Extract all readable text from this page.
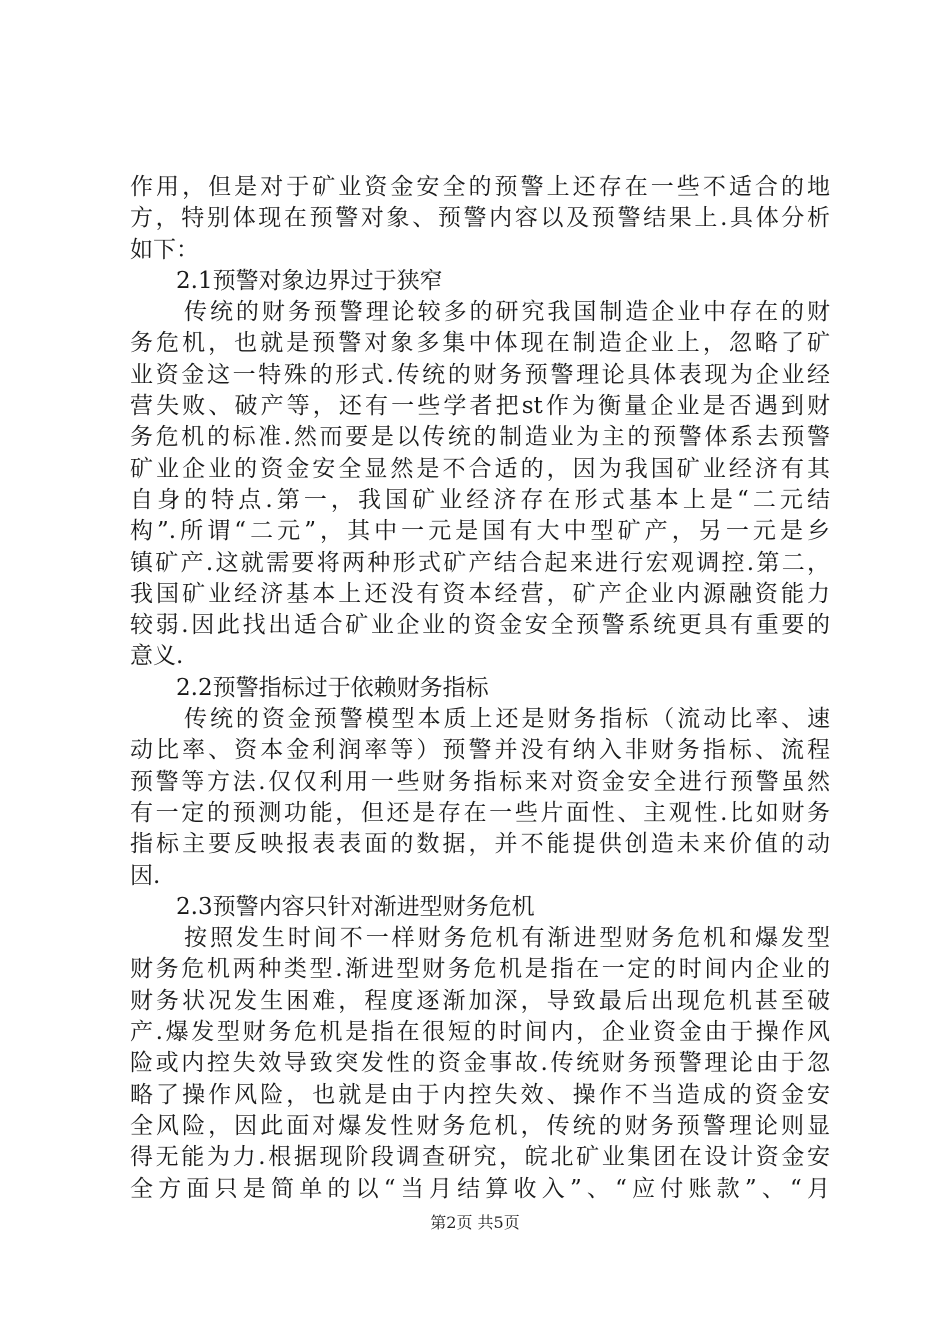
作用，但是对于矿业资金安全的预警上还存在一些不适合的地
方，特别体现在预警对象、预警内容以及预警结果上.具体分析
如下：
2.1预警对象边界过于狭窄
传统的财务预警理论较多的研究我国制造企业中存在的财
务危机，也就是预警对象多集中体现在制造企业上，忽略了矿
业资金这一特殊的形式.传统的财务预警理论具体表现为企业经
营失败、破产等，还有一些学者把st作为衡量企业是否遇到财
务危机的标准.然而要是以传统的制造业为主的预警体系去预警
矿业企业的资金安全显然是不合适的，因为我国矿业经济有其
自身的特点.第一，我国矿业经济存在形式基本上是“二元结
构”.所谓“二元”，其中一元是国有大中型矿产，另一元是乡
镇矿产.这就需要将两种形式矿产结合起来进行宏观调控.第二，
我国矿业经济基本上还没有资本经营，矿产企业内源融资能力
较弱.因此找出适合矿业企业的资金安全预警系统更具有重要的
意义.
2.2预警指标过于依赖财务指标
传统的资金预警模型本质上还是财务指标（流动比率、速
动比率、资本金利润率等）预警并没有纳入非财务指标、流程
预警等方法.仅仅利用一些财务指标来对资金安全进行预警虽然
有一定的预测功能，但还是存在一些片面性、主观性.比如财务
指标主要反映报表表面的数据，并不能提供创造未来价值的动
因.
2.3预警内容只针对渐进型财务危机
按照发生时间不一样财务危机有渐进型财务危机和爆发型
财务危机两种类型.渐进型财务危机是指在一定的时间内企业的
财务状况发生困难，程度逐渐加深，导致最后出现危机甚至破
产.爆发型财务危机是指在很短的时间内，企业资金由于操作风
险或内控失效导致突发性的资金事故.传统财务预警理论由于忽
略了操作风险，也就是由于内控失效、操作不当造成的资金安
全风险，因此面对爆发性财务危机，传统的财务预警理论则显
得无能为力.根据现阶段调查研究，皖北矿业集团在设计资金安
全方面只是简单的以“当月结算收入”、“应付账款”、“月
第2页 共5页
